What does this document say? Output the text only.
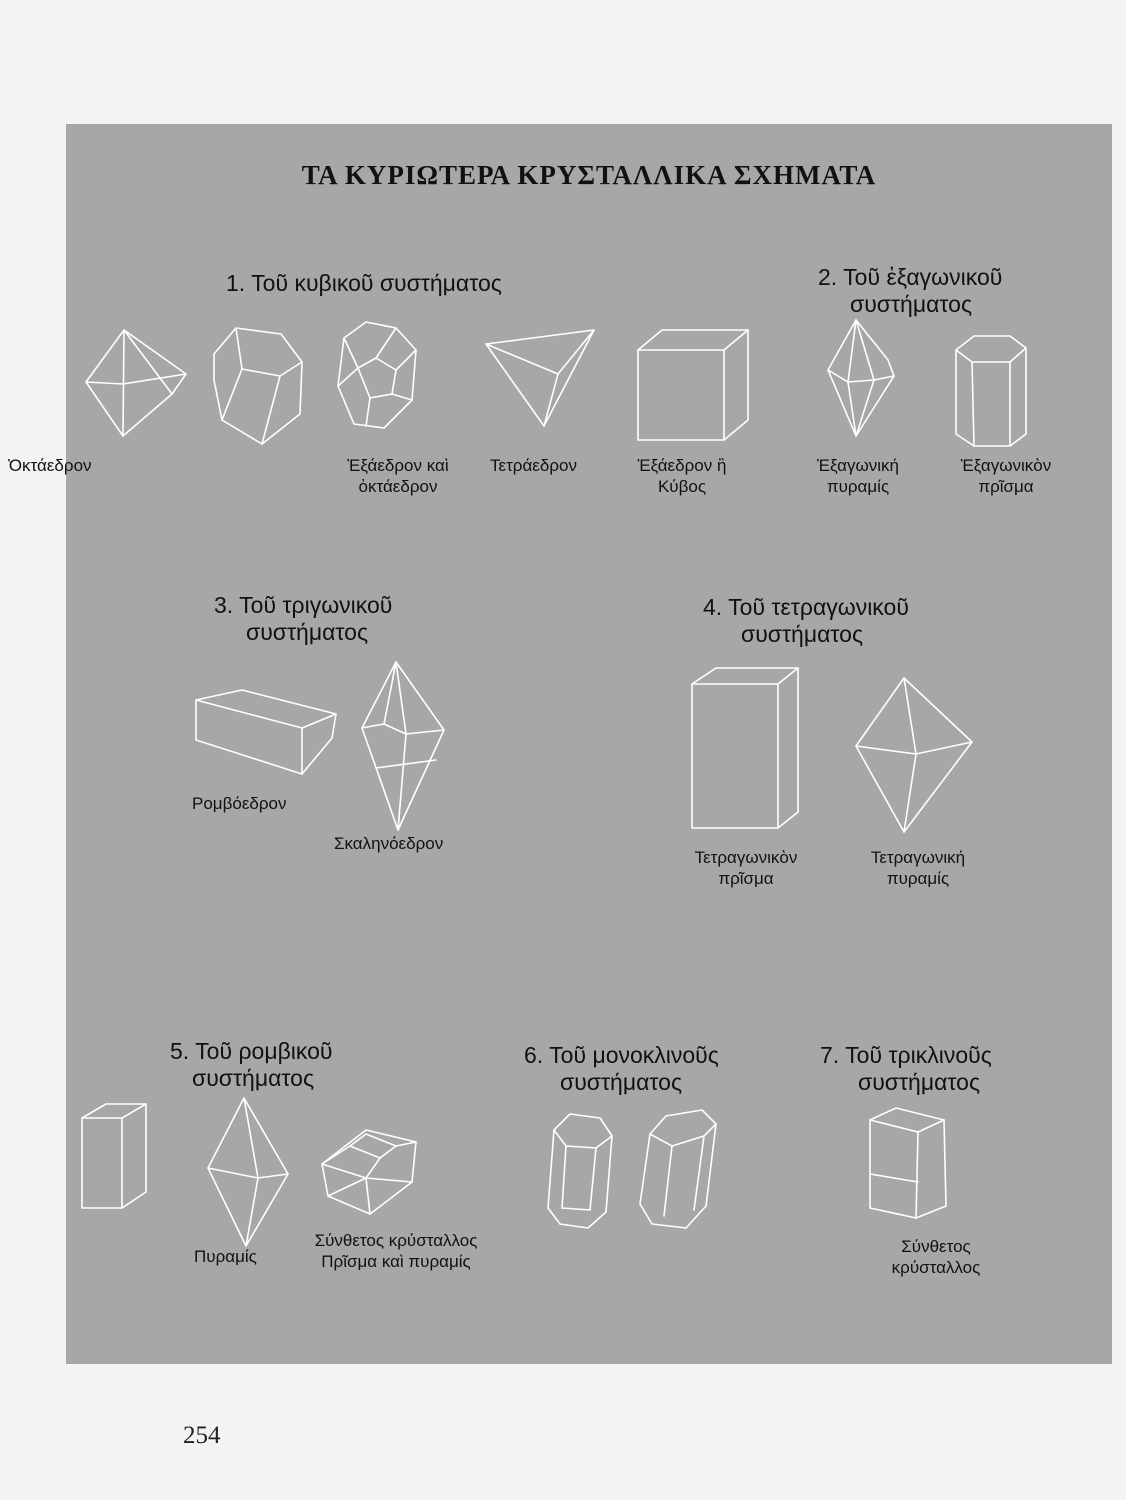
ΤΑ ΚΥΡΙΩΤΕΡΑ ΚΡΥΣΤΑΛΛΙΚΑ ΣΧΗΜΑΤΑ
1. Τοῦ κυβικοῦ συστήματος	2. Τοῦ ἑξαγωνικοῦ
συστήματος
3. Τοῦ τριγωνικοῦ
συστήματος
4. Τοῦ τετραγωνικοῦ
συστήματος
5. Τοῦ ρομβικοῦ
συστήματος
6. Τοῦ μονοκλινοῦς
συστήματος
7. Τοῦ τρικλινοῦς
συστήματος
Ὀκτάεδρον	Ἑξάεδρον καὶ
ὀκτάεδρον
Τετράεδρον	Ἑξάεδρον ἢ
Κύβος
Ἑξαγωνική
πυραμίς
Ἑξαγωνικὸν
πρῖσμα
Ρομβόεδρον
Σκαληνόεδρον
Τετραγωνικὸν
πρῖσμα
Τετραγωνική
πυραμίς
Πυραμίς
Σύνθετος κρύσταλλος
Πρῖσμα καὶ πυραμίς
Σύνθετος
κρύσταλλος
254
